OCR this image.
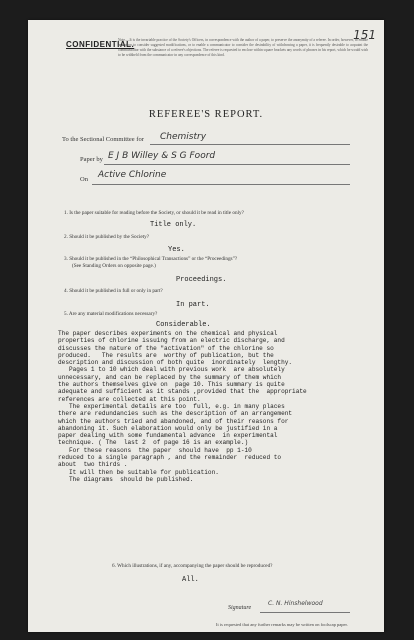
151
CONFIDENTIAL.
Note.—It is the invariable practice of the Society's Officers, in correspondence with the author of a paper, to preserve the anonymity of a referee. In order, however, to enable an author to consider suggested modifications, or to enable a communicator to consider the desirability of withdrawing a paper, it is frequently desirable to acquaint the communicator with the substance of a referee's objections. The referee is requested to enclose within square brackets any words of phrases in his report, which he would wish to be withheld from the communicator in any correspondence of this kind.
REFEREE'S REPORT.
To the Sectional Committee for Chemistry
Paper by E J B Willey & S G Foord
On Active Chlorine
1. Is the paper suitable for reading before the Society, or should it be read in title only?
Title only.
2. Should it be published by the Society?
Yes.
3. Should it be published in the “Philosophical Transactions” or the “Proceedings”?
(See Standing Orders on opposite page.)
Proceedings.
4. Should it be published in full or only in part?
In part.
5. Are any material modifications necessary?
Considerable.
The paper describes experiments on the chemical and physical
properties of chlorine issuing from an electric discharge, and
discusses the nature of the "activation" of the chlorine so
produced.   The results are  worthy of publication, but the
description and discussion of both quite  inordinately  lengthy.
Pages 1 to 10 which deal with previous work  are absolutely
unnecessary, and can be replaced by the summary of them which
the authors themselves give on  page 10. This summary is quite
adequate and sufficient as it stands ,provided that the  appropriate
references are collected at this point.
The experimental details are too  full, e.g. in many places
there are redundancies such as the description of an arrangement
which the authors tried and abandoned, and of their reasons for
abandoning it. Such elaboration would only be justified in a
paper dealing with some fundamental advance  in experimental
technique. ( The  last 2  of page 16 is an example.)
For these reasons  the paper  should have  pp 1-10
reduced to a single paragraph , and the remainder  reduced to
about  two thirds .
It will then be suitable for publication.
The diagrams  should be published.
6. Which illustrations, if any, accompanying the paper should be reproduced?
All.
Signature
C. N. Hinshelwood
It is requested that any further remarks may be written on foolscap paper.
